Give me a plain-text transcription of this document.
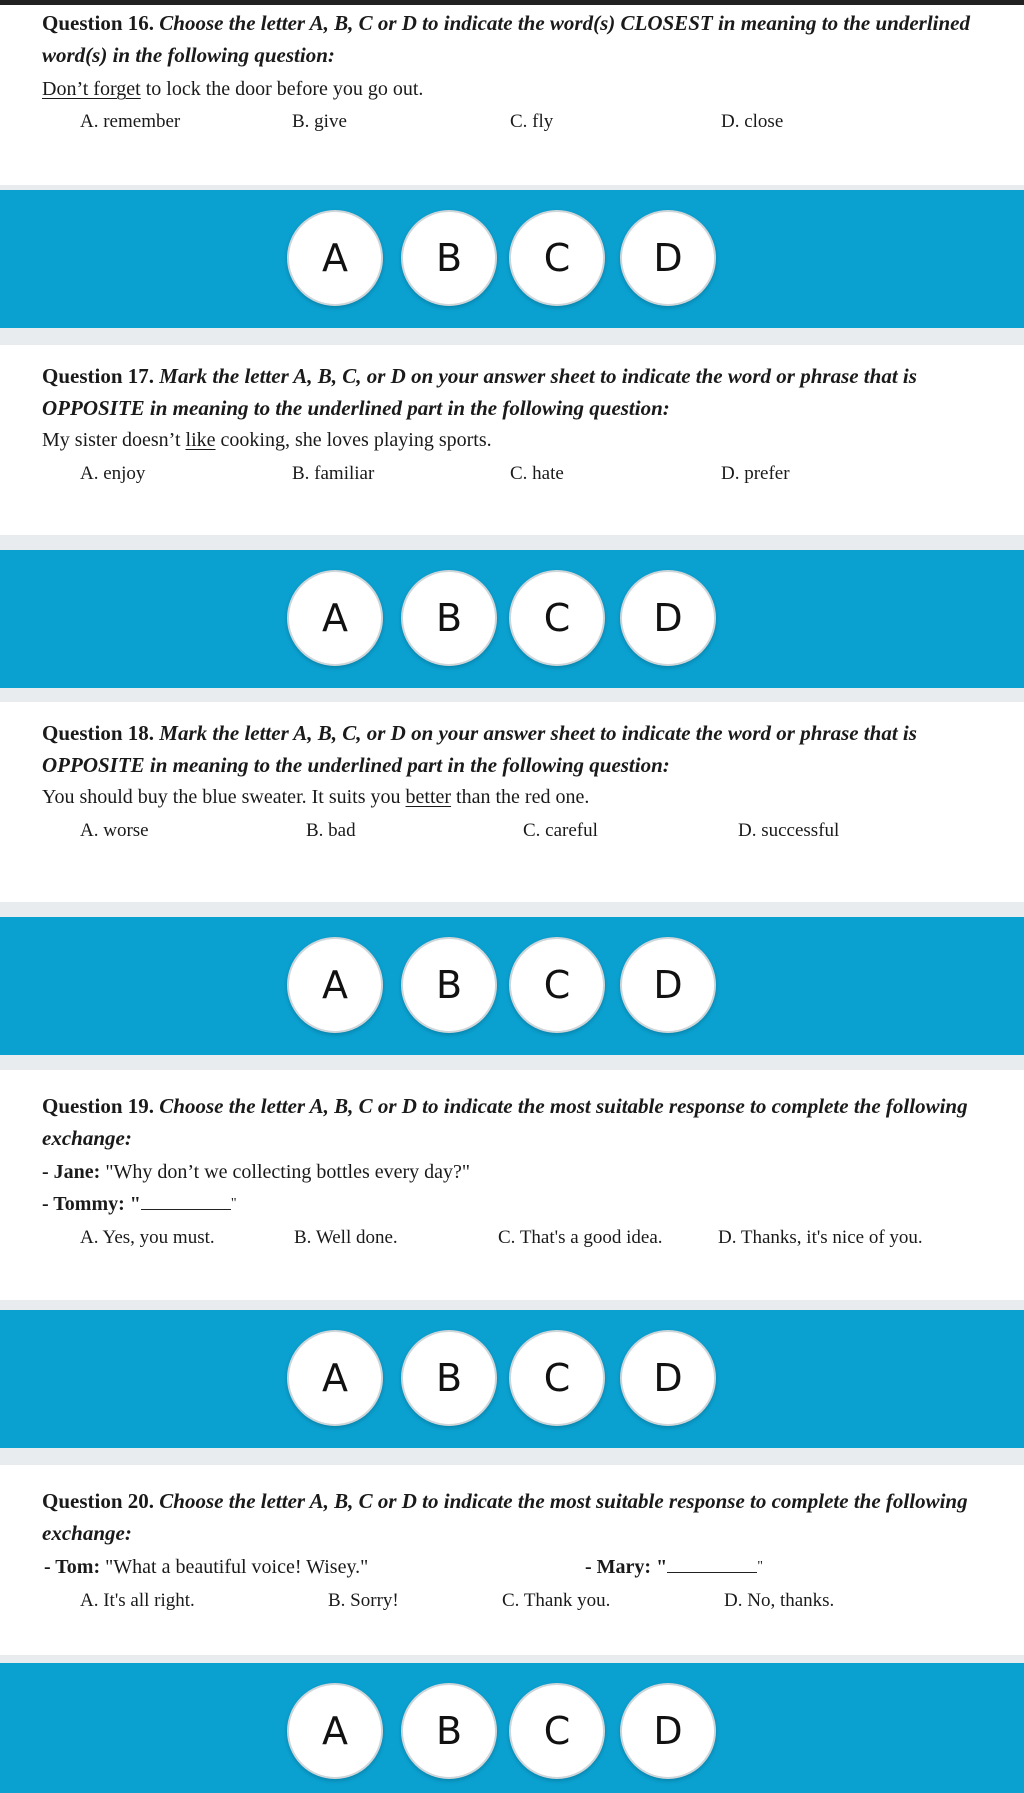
Question 16. Choose the letter A, B, C or D to indicate the word(s) CLOSEST in meaning to the underlined word(s) in the following question:

Don’t forget to lock the door before you go out.

A. remember	B. give	C. fly	D. close
A	B	C	D

Question 17. Mark the letter A, B, C, or D on your answer sheet to indicate the word or phrase that is OPPOSITE in meaning to the underlined part in the following question:

My sister doesn’t like cooking, she loves playing sports.

A. enjoy	B. familiar	C. hate	D. prefer
A	B	C	D

Question 18. Mark the letter A, B, C, or D on your answer sheet to indicate the word or phrase that is OPPOSITE in meaning to the underlined part in the following question:

You should buy the blue sweater. It suits you better than the red one.

A. worse	B. bad	C. careful	D. successful
A	B	C	D

Question 19. Choose the letter A, B, C or D to indicate the most suitable response to complete the following exchange:

- Jane: "Why don’t we collecting bottles every day?"

- Tommy: "	"

A. Yes, you must.	B. Well done.	C. That's a good idea.	D. Thanks, it's nice of you.
A	B	C	D

Question 20. Choose the letter A, B, C or D to indicate the most suitable response to complete the following exchange:

- Tom: "What a beautiful voice! Wisey."	- Mary: "	"
A. It's all right.	B. Sorry!	C. Thank you.	D. No, thanks.
A	B	C	D
